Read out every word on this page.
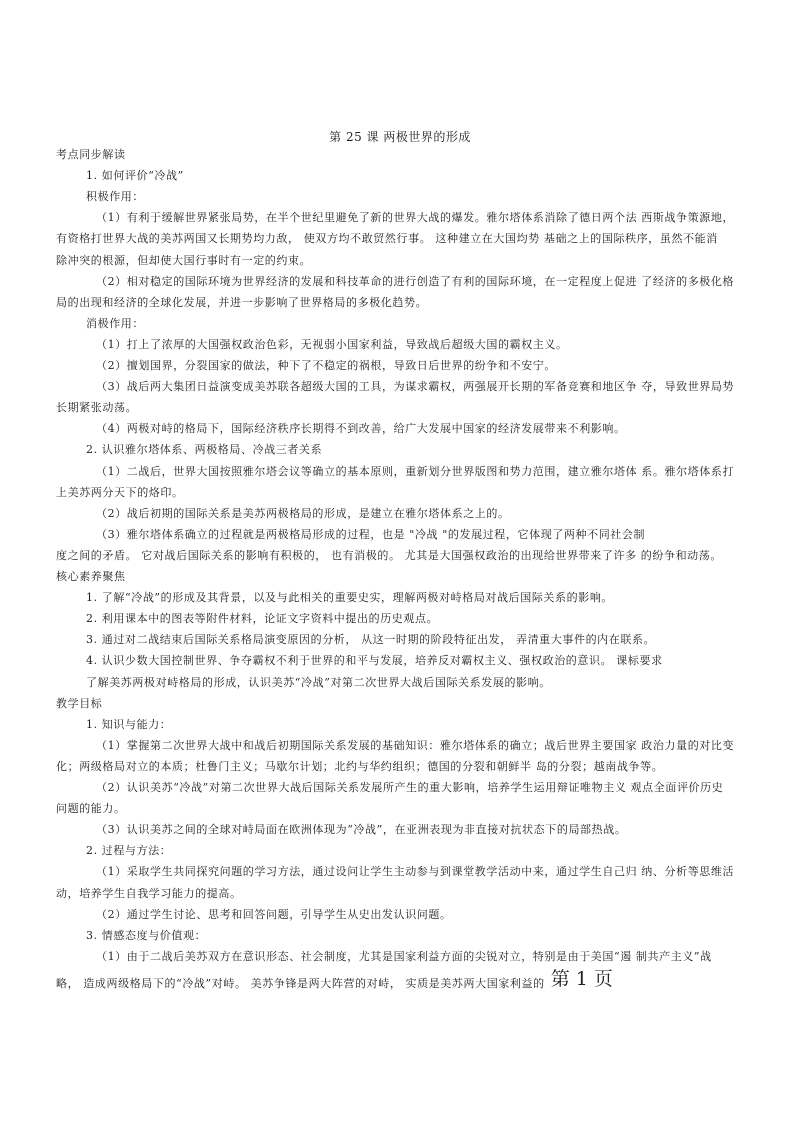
第 25 课 两极世界的形成
考点同步解读
1. 如何评价“冷战”
积极作用：
（1）有利于缓解世界紧张局势，在半个世纪里避免了新的世界大战的爆发。雅尔塔体系消除了德日两个法 西斯战争策源地，
有资格打世界大战的美苏两国又长期势均力敌， 使双方均不敢贸然行事。 这种建立在大国均势 基础之上的国际秩序，虽然不能消
除冲突的根源，但却使大国行事时有一定的约束。
（2）相对稳定的国际环境为世界经济的发展和科技革命的进行创造了有利的国际环境，在一定程度上促进 了经济的多极化格
局的出现和经济的全球化发展，并进一步影响了世界格局的多极化趋势。
消极作用：
（1）打上了浓厚的大国强权政治色彩，无视弱小国家利益，导致战后超级大国的霸权主义。
（2）擅划国界，分裂国家的做法，种下了不稳定的祸根，导致日后世界的纷争和不安宁。
（3）战后两大集团日益演变成美苏联各超级大国的工具，为谋求霸权，两强展开长期的军备竞赛和地区争 夺，导致世界局势
长期紧张动荡。
（4）两极对峙的格局下，国际经济秩序长期得不到改善，给广大发展中国家的经济发展带来不利影响。
2. 认识雅尔塔体系、两极格局、冷战三者关系
（1）二战后，世界大国按照雅尔塔会议等确立的基本原则，重新划分世界版图和势力范围，建立雅尔塔体 系。雅尔塔体系打
上美苏两分天下的烙印。
（2）战后初期的国际关系是美苏两极格局的形成，是建立在雅尔塔体系之上的。
（3）雅尔塔体系确立的过程就是两极格局形成的过程，也是 "冷战 "的发展过程，它体现了两种不同社会制
度之间的矛盾。 它对战后国际关系的影响有积极的， 也有消极的。 尤其是大国强权政治的出现给世界带来了许多 的纷争和动荡。
核心素养聚焦
1. 了解“冷战”的形成及其背景，以及与此相关的重要史实，理解两极对峙格局对战后国际关系的影响。
2. 利用课本中的图表等附件材料，论证文字资料中提出的历史观点。
3. 通过对二战结束后国际关系格局演变原因的分析， 从这一时期的阶段特征出发， 弄清重大事件的内在联系。
4. 认识少数大国控制世界、争夺霸权不利于世界的和平与发展，培养反对霸权主义、强权政治的意识。 课标要求
了解美苏两极对峙格局的形成，认识美苏“冷战”对第二次世界大战后国际关系发展的影响。
教学目标
1. 知识与能力：
（1）掌握第二次世界大战中和战后初期国际关系发展的基础知识：雅尔塔体系的确立；战后世界主要国家 政治力量的对比变
化；两级格局对立的本质；杜鲁门主义；马歇尔计划；北约与华约组织；德国的分裂和朝鲜半 岛的分裂；越南战争等。
（2）认识美苏“冷战”对第二次世界大战后国际关系发展所产生的重大影响，培养学生运用辩证唯物主义 观点全面评价历史
问题的能力。
（3）认识美苏之间的全球对峙局面在欧洲体现为“冷战”，在亚洲表现为非直接对抗状态下的局部热战。
2. 过程与方法：
（1）采取学生共同探究问题的学习方法，通过设问让学生主动参与到课堂教学活动中来，通过学生自己归 纳、分析等思维活
动，培养学生自我学习能力的提高。
（2）通过学生讨论、思考和回答问题，引导学生从史出发认识问题。
3. 情感态度与价值观：
（1）由于二战后美苏双方在意识形态、社会制度，尤其是国家利益方面的尖锐对立，特别是由于美国“遏 制共产主义”战
略， 造成两级格局下的“冷战”对峙。 美苏争锋是两大阵营的对峙， 实质是美苏两大国家利益的 第 1 页
